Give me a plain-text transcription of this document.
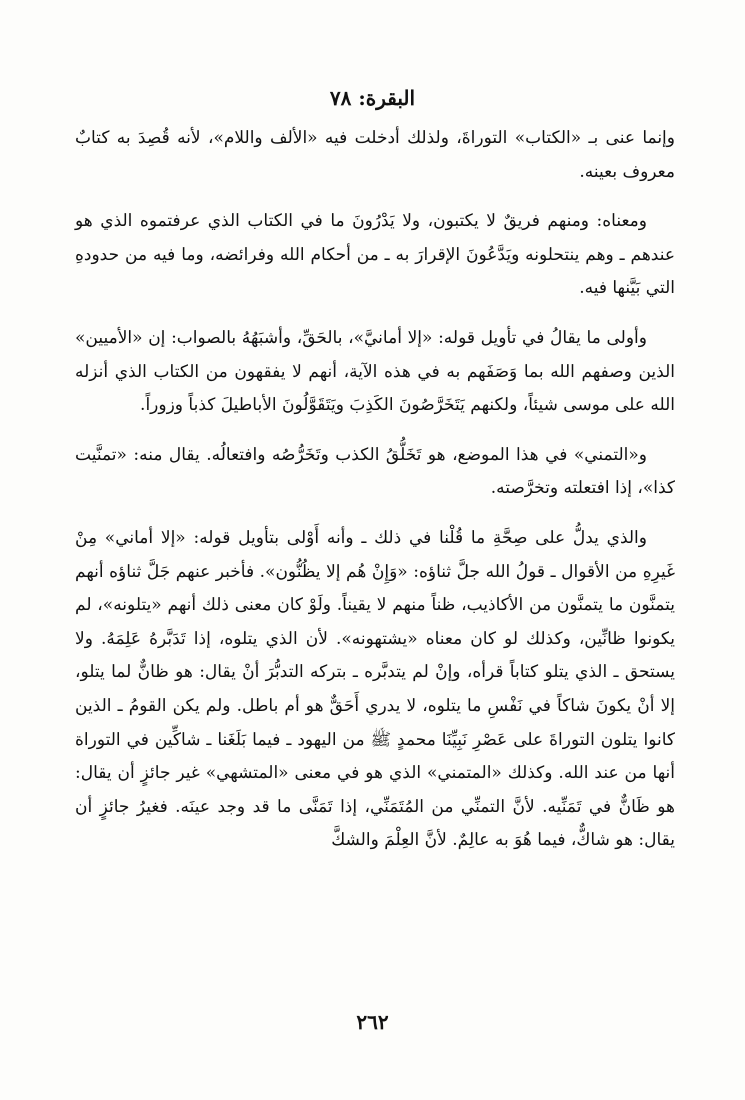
البقرة: ٧٨

وإنما عنى بـ «الكتاب» التوراةَ، ولذلك أدخلت فيه «الألف واللام»، لأنه قُصِدَ به كتابٌ معروف بعينه.

ومعناه: ومنهم فريقٌ لا يكتبون، ولا يَدْرُونَ ما في الكتاب الذي عرفتموه الذي هو عندهم ـ وهم ينتحلونه ويَدَّعُونَ الإقرارَ به ـ من أحكام الله وفرائضه، وما فيه من حدودهِ التي بَيَّنها فيه.

وأولى ما يقالُ في تأويل قوله: «إلا أمانيَّ»، بالحَقِّ، وأشبَهُهُ بالصواب: إن «الأميين» الذين وصفهم الله بما وَصَفَهم به في هذه الآية، أنهم لا يفقهون من الكتاب الذي أنزله الله على موسى شيئاً، ولكنهم يَتَخَرَّصُونَ الكَذِبَ ويَتَقَوَّلُونَ الأباطيلَ كذباً وزوراً.

و«التمني» في هذا الموضع، هو تَخَلُّقُ الكذب وتَخَرُّصُه وافتعالُه. يقال منه: «تمنَّيت كذا»، إذا افتعلته وتخرَّصته.

والذي يدلُّ على صِحَّةِ ما قُلْنا في ذلك ـ وأنه أَوْلى بتأويل قوله: «إلا أماني» مِنْ غَيرِهِ من الأقوال ـ قولُ الله جلَّ ثناؤه: «وَإِنْ هُم إلا يظُنُّون». فأخبر عنهم جَلَّ ثناؤه أنهم يتمنَّون ما يتمنَّون من الأكاذيب، ظناً منهم لا يقيناً. ولَوْ كان معنى ذلك أنهم «يتلونه»، لم يكونوا ظانِّين، وكذلك لو كان معناه «يشتهونه». لأن الذي يتلوه، إذا تَدَبَّرهُ عَلِمَهُ. ولا يستحق ـ الذي يتلو كتاباً قرأه، وإنْ لم يتدبَّره ـ بتركه التدبُّرَ أنْ يقال: هو ظانٌّ لما يتلو، إلا أنْ يكونَ شاكاً في نَفْسِ ما يتلوه، لا يدري أَحَقٌّ هو أم باطل. ولم يكن القومُ ـ الذين كانوا يتلون التوراةَ على عَصْرِ نَبِيِّنَا محمدٍ ﷺ من اليهود ـ فيما بَلَغَنا ـ شاكِّين في التوراة أنها من عند الله. وكذلك «المتمني» الذي هو في معنى «المتشهي» غير جائزٍ أن يقال: هو ظَانٌّ في تَمَنِّيه. لأنَّ التمنِّي من المُتَمَنِّي، إذا تَمَنَّى ما قد وجد عينَه. فغيرُ جائزٍ أن يقال: هو شاكٌّ، فيما هُوَ به عالِمٌ. لأنَّ العِلْمَ والشكَّ

٢٦٢
